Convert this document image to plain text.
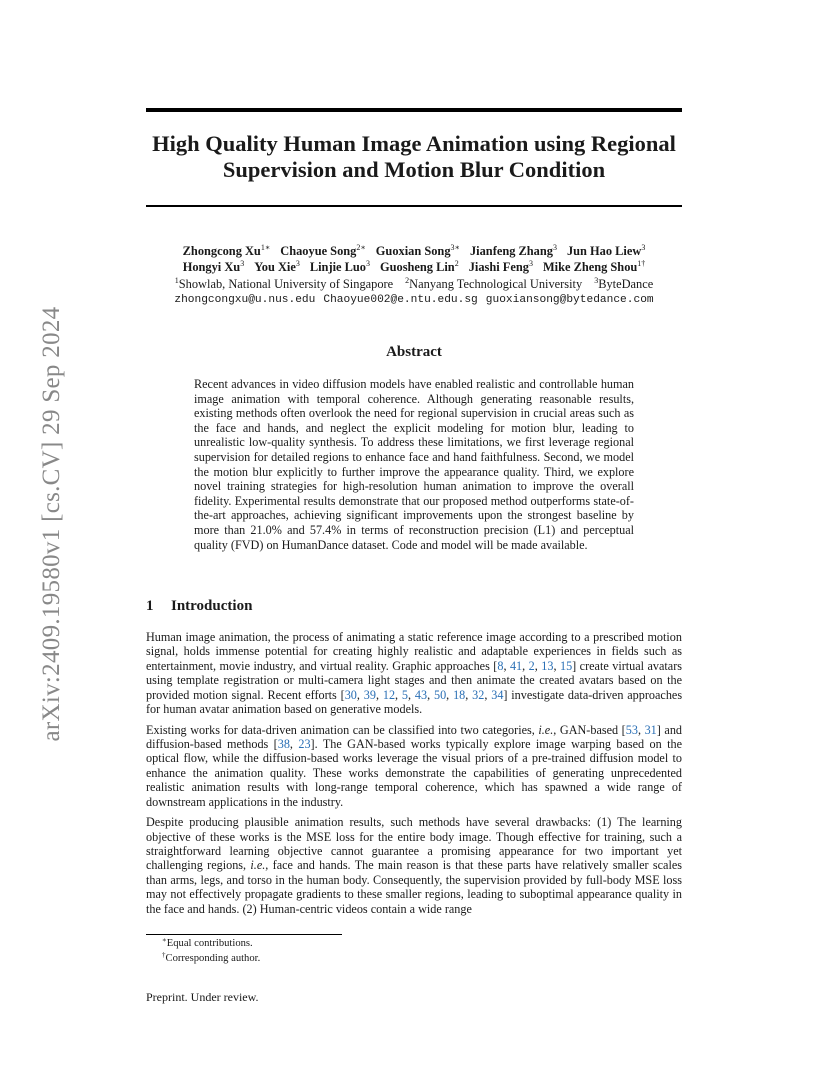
arXiv:2409.19580v1 [cs.CV] 29 Sep 2024
High Quality Human Image Animation using Regional
Supervision and Motion Blur Condition
Zhongcong $Xu^{1∗}$ Chaoyue Song$^{2∗}$ Guoxian Song$^{3∗}$ Jianfeng Zhang$^3$ Jun Hao Liew$^3$
Hongyi Xu$^3$ You Xie$^3$ Linjie Luo$^3$ Guosheng Lin$^2$ Jiashi Feng$^3$ Mike Zheng Shou$^{1\dagger}$
$^1$Showlab, National University of Singapore $^2$Nanyang Technological University $^3$ByteDance
zhongcongxu@u.nus.edu Chaoyue002@e.ntu.edu.sg guoxiansong@bytedance.com
Abstract
Recent advances in video diffusion models have enabled realistic and controllable human image animation with temporal coherence. Although generating reasonable results, existing methods often overlook the need for regional supervision in crucial areas such as the face and hands, and neglect the explicit modeling for motion blur, leading to unrealistic low-quality synthesis. To address these limitations, we first leverage regional supervision for detailed regions to enhance face and hand faithfulness. Second, we model the motion blur explicitly to further improve the appearance quality. Third, we explore novel training strategies for high-resolution human animation to improve the overall fidelity. Experimental results demonstrate that our proposed method outperforms state-of-the-art approaches, achieving significant improvements upon the strongest baseline by more than 21.0% and 57.4% in terms of reconstruction precision (L1) and perceptual quality (FVD) on HumanDance dataset. Code and model will be made available.
1 Introduction

Human image animation, the process of animating a static reference image according to a prescribed motion signal, holds immense potential for creating highly realistic and adaptable experiences in fields such as entertainment, movie industry, and virtual reality. Graphic approaches [8, 41, 2, 13, 15] create virtual avatars using template registration or multi-camera light stages and then animate the created avatars based on the provided motion signal. Recent efforts [30, 39, 12, 5, 43, 50, 18, 32, 34] investigate data-driven approaches for human avatar animation based on generative models.

Existing works for data-driven animation can be classified into two categories, i.e., GAN-based [53, 31] and diffusion-based methods [38, 23]. The GAN-based works typically explore image warping based on the optical flow, while the diffusion-based works leverage the visual priors of a pre-trained diffusion model to enhance the animation quality. These works demonstrate the capabilities of generating unprecedented realistic animation results with long-range temporal coherence, which has spawned a wide range of downstream applications in the industry.

Despite producing plausible animation results, such methods have several drawbacks: (1) The learning objective of these works is the MSE loss for the entire body image. Though effective for training, such a straightforward learning objective cannot guarantee a promising appearance for two important yet challenging regions, i.e., face and hands. The main reason is that these parts have relatively smaller scales than arms, legs, and torso in the human body. Consequently, the supervision provided by full-body MSE loss may not effectively propagate gradients to these smaller regions, leading to suboptimal appearance quality in the face and hands. (2) Human-centric videos contain a wide range

∗Equal contributions.
†Corresponding author.
Preprint. Under review.
